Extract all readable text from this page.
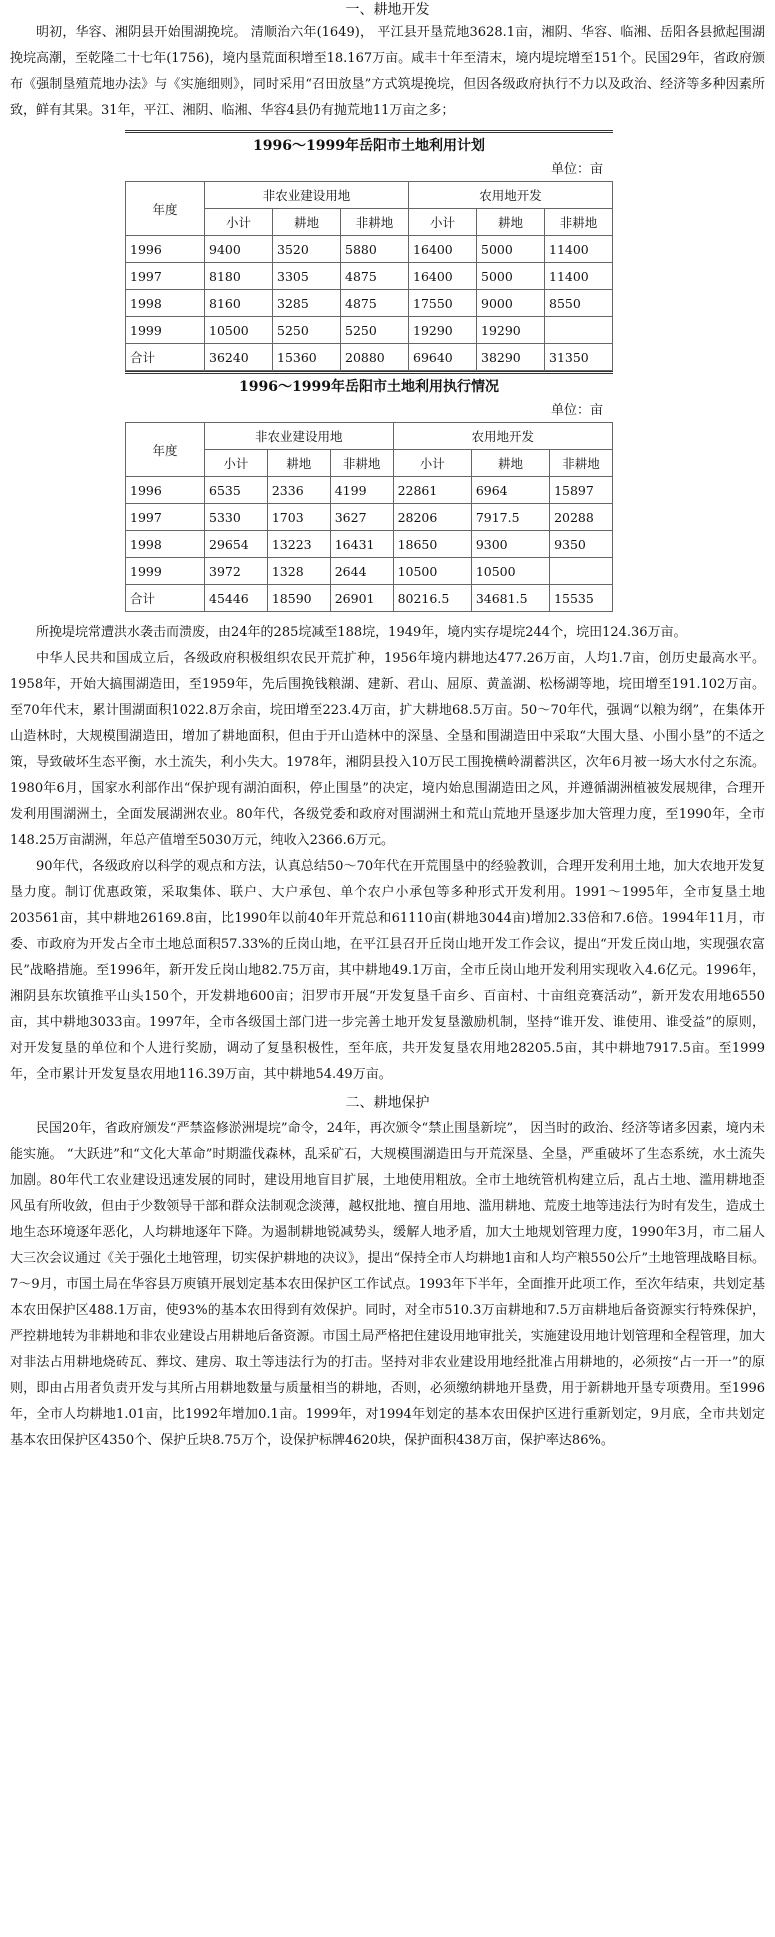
一、耕地开发

明初，华容、湘阴县开始围湖挽垸。 清顺治六年(1649)， 平江县开垦荒地3628.1亩，湘阴、华容、临湘、岳阳各县掀起围湖挽垸高潮，至乾隆二十七年(1756)，境内垦荒面积增至18.167万亩。咸丰十年至清末，境内堤垸增至151个。民国29年，省政府颁布《强制垦殖荒地办法》与《实施细则》，同时采用“召田放垦”方式筑堤挽垸，但因各级政府执行不力以及政治、经济等多种因素所致，鲜有其果。31年，平江、湘阴、临湘、华容4县仍有抛荒地11万亩之多；

1996～1999年岳阳市土地利用计划
单位：亩
年度	非农业建设用地			农用地开发		
	小计	耕地	非耕地	小计	耕地	非耕地
1996	9400	3520	5880	16400	5000	11400
1997	8180	3305	4875	16400	5000	11400
1998	8160	3285	4875	17550	9000	8550
1999	10500	5250	5250	19290	19290	
合计	36240	15360	20880	69640	38290	31350
1996～1999年岳阳市土地利用执行情况
单位：亩
年度	非农业建设用地			农用地开发		
	小计	耕地	非耕地	小计	耕地	非耕地
1996	6535	2336	4199	22861	6964	15897
1997	5330	1703	3627	28206	7917.5	20288
1998	29654	13223	16431	18650	9300	9350
1999	3972	1328	2644	10500	10500	
合计	45446	18590	26901	80216.5	34681.5	15535

所挽堤垸常遭洪水袭击而溃废，由24年的285垸减至188垸，1949年，境内实存堤垸244个，垸田124.36万亩。

中华人民共和国成立后，各级政府积极组织农民开荒扩种，1956年境内耕地达477.26万亩，人均1.7亩，创历史最高水平。1958年，开始大搞围湖造田，至1959年，先后围挽钱粮湖、建新、君山、屈原、黄盖湖、松杨湖等地，垸田增至191.102万亩。至70年代末，累计围湖面积1022.8万余亩，垸田增至223.4万亩，扩大耕地68.5万亩。50～70年代，强调“以粮为纲”，在集体开山造林时，大规模围湖造田，增加了耕地面积，但由于开山造林中的深垦、全垦和围湖造田中采取“大围大垦、小围小垦”的不适之策，导致破坏生态平衡，水土流失，利小失大。1978年，湘阴县投入10万民工围挽横岭湖蓄洪区，次年6月被一场大水付之东流。1980年6月，国家水利部作出“保护现有湖泊面积，停止围垦”的决定，境内始息围湖造田之风，并遵循湖洲植被发展规律，合理开发利用围湖洲土，全面发展湖洲农业。80年代，各级党委和政府对围湖洲土和荒山荒地开垦逐步加大管理力度，至1990年，全市148.25万亩湖洲，年总产值增至5030万元，纯收入2366.6万元。

90年代，各级政府以科学的观点和方法，认真总结50～70年代在开荒围垦中的经验教训，合理开发利用土地，加大农地开发复垦力度。制订优惠政策，采取集体、联户、大户承包、单个农户小承包等多种形式开发利用。1991～1995年，全市复垦土地203561亩，其中耕地26169.8亩，比1990年以前40年开荒总和61110亩(耕地3044亩)增加2.33倍和7.6倍。1994年11月，市委、市政府为开发占全市土地总面积57.33%的丘岗山地，在平江县召开丘岗山地开发工作会议，提出“开发丘岗山地，实现强农富民”战略措施。至1996年，新开发丘岗山地82.75万亩，其中耕地49.1万亩，全市丘岗山地开发利用实现收入4.6亿元。1996年，湘阴县东坎镇推平山头150个，开发耕地600亩；汨罗市开展“开发复垦千亩乡、百亩村、十亩组竞赛活动”，新开发农用地6550亩，其中耕地3033亩。1997年，全市各级国土部门进一步完善土地开发复垦激励机制，坚持“谁开发、谁使用、谁受益”的原则，对开发复垦的单位和个人进行奖励，调动了复垦积极性，至年底，共开发复垦农用地28205.5亩，其中耕地7917.5亩。至1999年，全市累计开发复垦农用地116.39万亩，其中耕地54.49万亩。

二、耕地保护

民国20年，省政府颁发“严禁盗修淤洲堤垸”命令，24年，再次颁令“禁止围垦新垸”， 因当时的政治、经济等诸多因素，境内未能实施。 “大跃进”和“文化大革命”时期滥伐森林，乱采矿石，大规模围湖造田与开荒深垦、全垦，严重破坏了生态系统，水土流失加剧。80年代工农业建设迅速发展的同时，建设用地盲目扩展，土地使用粗放。全市土地统管机构建立后，乱占土地、滥用耕地歪风虽有所收敛，但由于少数领导干部和群众法制观念淡薄，越权批地、擅自用地、滥用耕地、荒废土地等违法行为时有发生，造成土地生态环境逐年恶化，人均耕地逐年下降。为遏制耕地锐减势头，缓解人地矛盾，加大土地规划管理力度，1990年3月，市二届人大三次会议通过《关于强化土地管理，切实保护耕地的决议》，提出“保持全市人均耕地1亩和人均产粮550公斤”土地管理战略目标。7～9月，市国土局在华容县万庾镇开展划定基本农田保护区工作试点。1993年下半年，全面推开此项工作，至次年结束，共划定基本农田保护区488.1万亩，使93%的基本农田得到有效保护。同时，对全市510.3万亩耕地和7.5万亩耕地后备资源实行特殊保护，严控耕地转为非耕地和非农业建设占用耕地后备资源。市国土局严格把住建设用地审批关，实施建设用地计划管理和全程管理，加大对非法占用耕地烧砖瓦、葬坟、建房、取土等违法行为的打击。坚持对非农业建设用地经批准占用耕地的，必须按“占一开一”的原则，即由占用者负责开发与其所占用耕地数量与质量相当的耕地，否则，必须缴纳耕地开垦费，用于新耕地开垦专项费用。至1996年，全市人均耕地1.01亩，比1992年增加0.1亩。1999年，对1994年划定的基本农田保护区进行重新划定，9月底，全市共划定基本农田保护区4350个、保护丘块8.75万个，设保护标牌4620块，保护面积438万亩，保护率达86%。
